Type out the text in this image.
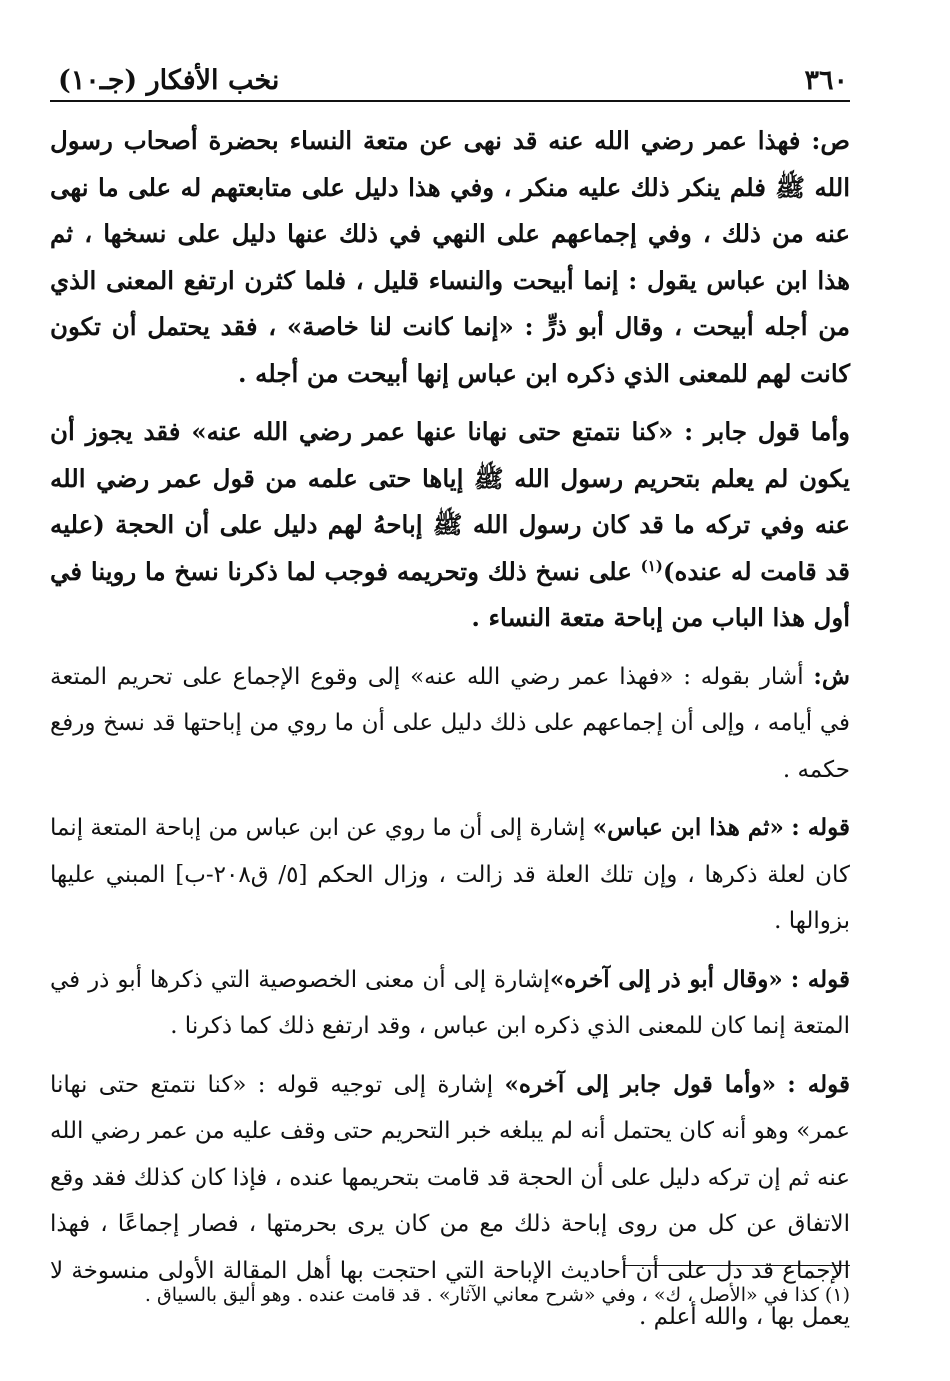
٣٦٠
نخب الأفكار (جـ١٠)

ص: فهذا عمر رضي الله عنه قد نهى عن متعة النساء بحضرة أصحاب رسول الله ﷺ فلم ينكر ذلك عليه منكر ، وفي هذا دليل على متابعتهم له على ما نهى عنه من ذلك ، وفي إجماعهم على النهي في ذلك عنها دليل على نسخها ، ثم هذا ابن عباس يقول : إنما أبيحت والنساء قليل ، فلما كثرن ارتفع المعنى الذي من أجله أبيحت ، وقال أبو ذرٍّ : «إنما كانت لنا خاصة» ، فقد يحتمل أن تكون كانت لهم للمعنى الذي ذكره ابن عباس إنها أبيحت من أجله .

وأما قول جابر : «كنا نتمتع حتى نهانا عنها عمر رضي الله عنه» فقد يجوز أن يكون لم يعلم بتحريم رسول الله ﷺ إياها حتى علمه من قول عمر رضي الله عنه وفي تركه ما قد كان رسول الله ﷺ إباحهُ لهم دليل على أن الحجة (عليه قد قامت له عنده)$^{(١)}$ على نسخ ذلك وتحريمه فوجب لما ذكرنا نسخ ما روينا في أول هذا الباب من إباحة متعة النساء .

ش: أشار بقوله : «فهذا عمر رضي الله عنه» إلى وقوع الإجماع على تحريم المتعة في أيامه ، وإلى أن إجماعهم على ذلك دليل على أن ما روي من إباحتها قد نسخ ورفع حكمه .

قوله : «ثم هذا ابن عباس» إشارة إلى أن ما روي عن ابن عباس من إباحة المتعة إنما كان لعلة ذكرها ، وإن تلك العلة قد زالت ، وزال الحكم [٥/ ق٢٠٨-ب] المبني عليها بزوالها .

قوله : «وقال أبو ذر إلى آخره»إشارة إلى أن معنى الخصوصية التي ذكرها أبو ذر في المتعة إنما كان للمعنى الذي ذكره ابن عباس ، وقد ارتفع ذلك كما ذكرنا .

قوله : «وأما قول جابر إلى آخره» إشارة إلى توجيه قوله : «كنا نتمتع حتى نهانا عمر» وهو أنه كان يحتمل أنه لم يبلغه خبر التحريم حتى وقف عليه من عمر رضي الله عنه ثم إن تركه دليل على أن الحجة قد قامت بتحريمها عنده ، فإذا كان كذلك فقد وقع الاتفاق عن كل من روى إباحة ذلك مع من كان يرى بحرمتها ، فصار إجماعًا ، فهذا الإجماع قد دل على أن أحاديث الإباحة التي احتجت بها أهل المقالة الأولى منسوخة لا يعمل بها ، والله أعلم .

(١) كذا في «الأصل ، ك» ، وفي «شرح معاني الآثار» . قد قامت عنده . وهو أليق بالسياق .
